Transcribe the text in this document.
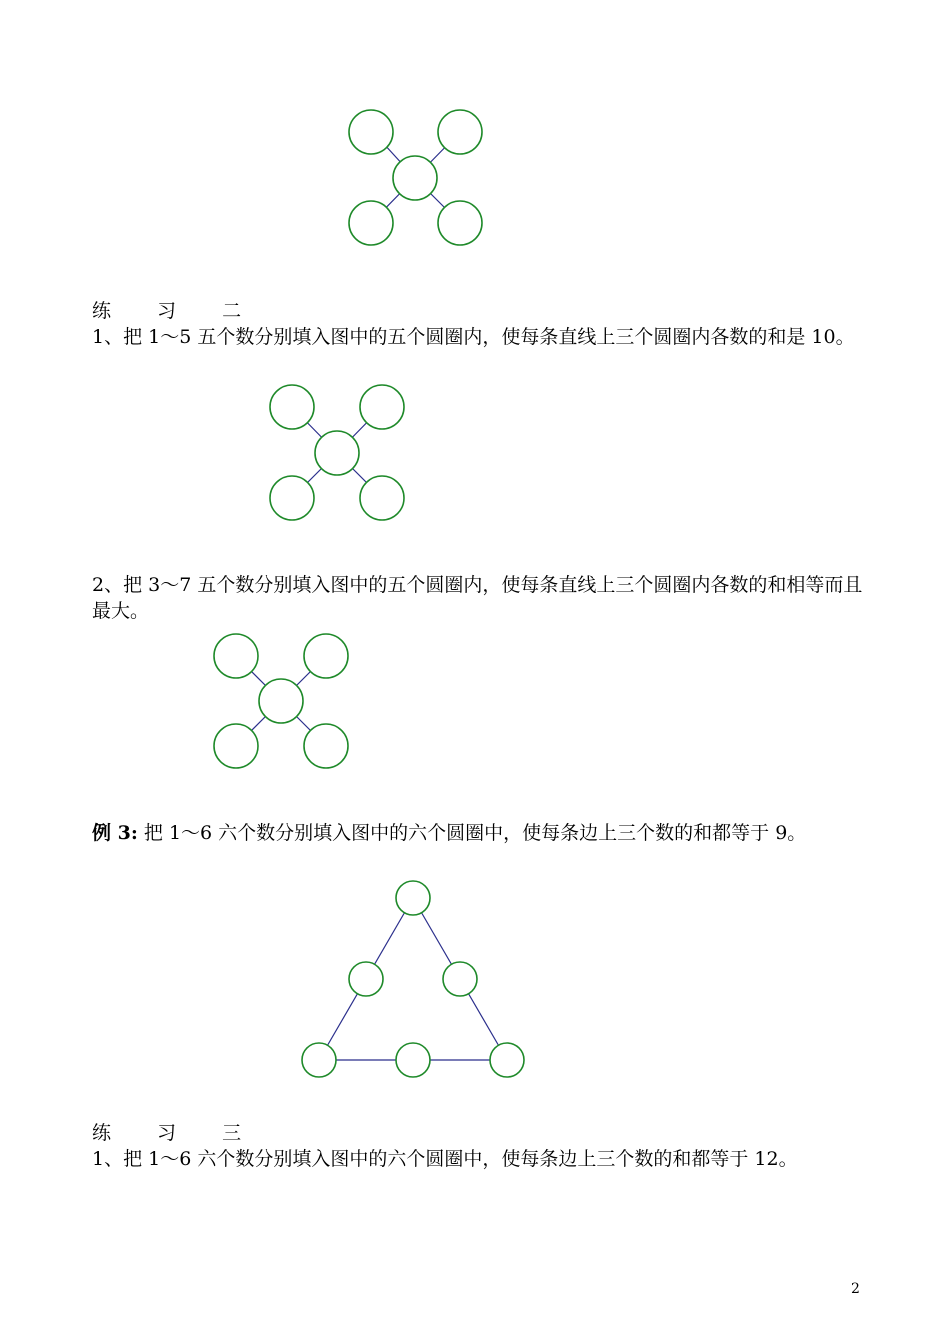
练 习 二
1、把 1～5 五个数分别填入图中的五个圆圈内，使每条直线上三个圆圈内各数的和是 10。
2、把 3～7 五个数分别填入图中的五个圆圈内，使每条直线上三个圆圈内各数的和相等而且最大。
例 3: 把 1～6 六个数分别填入图中的六个圆圈中，使每条边上三个数的和都等于 9。
练 习 三
1、把 1～6 六个数分别填入图中的六个圆圈中，使每条边上三个数的和都等于 12。
2
